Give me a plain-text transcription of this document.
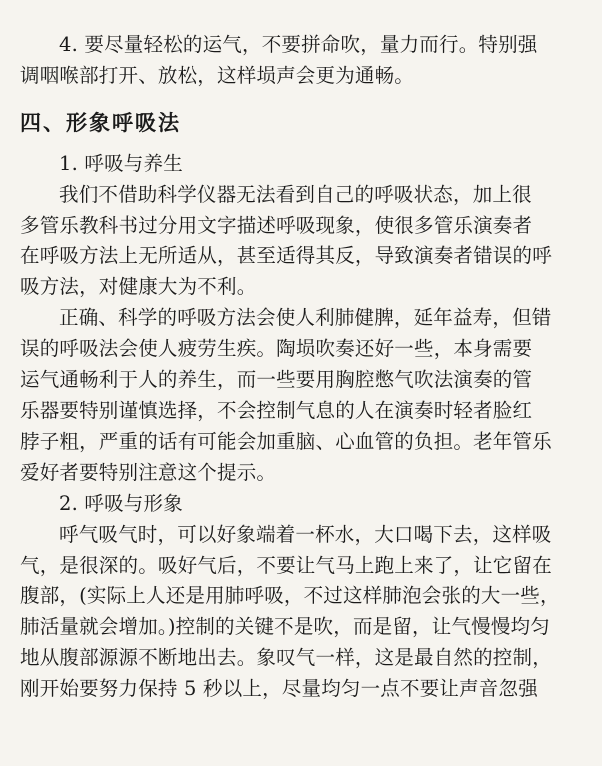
4. 要尽量轻松的运气，不要拼命吹，量力而行。特别强
调咽喉部打开、放松，这样埙声会更为通畅。
四、形象呼吸法
1. 呼吸与养生
我们不借助科学仪器无法看到自己的呼吸状态，加上很
多管乐教科书过分用文字描述呼吸现象，使很多管乐演奏者
在呼吸方法上无所适从，甚至适得其反，导致演奏者错误的呼
吸方法，对健康大为不利。
正确、科学的呼吸方法会使人利肺健脾，延年益寿，但错
误的呼吸法会使人疲劳生疾。陶埙吹奏还好一些，本身需要
运气通畅利于人的养生，而一些要用胸腔憋气吹法演奏的管
乐器要特别谨慎选择，不会控制气息的人在演奏时轻者脸红
脖子粗，严重的话有可能会加重脑、心血管的负担。老年管乐
爱好者要特别注意这个提示。
2. 呼吸与形象
呼气吸气时，可以好象端着一杯水，大口喝下去，这样吸
气，是很深的。吸好气后，不要让气马上跑上来了，让它留在
腹部，(实际上人还是用肺呼吸，不过这样肺泡会张的大一些，
肺活量就会增加。)控制的关键不是吹，而是留，让气慢慢均匀
地从腹部源源不断地出去。象叹气一样，这是最自然的控制，
刚开始要努力保持 5 秒以上，尽量均匀一点不要让声音忽强
